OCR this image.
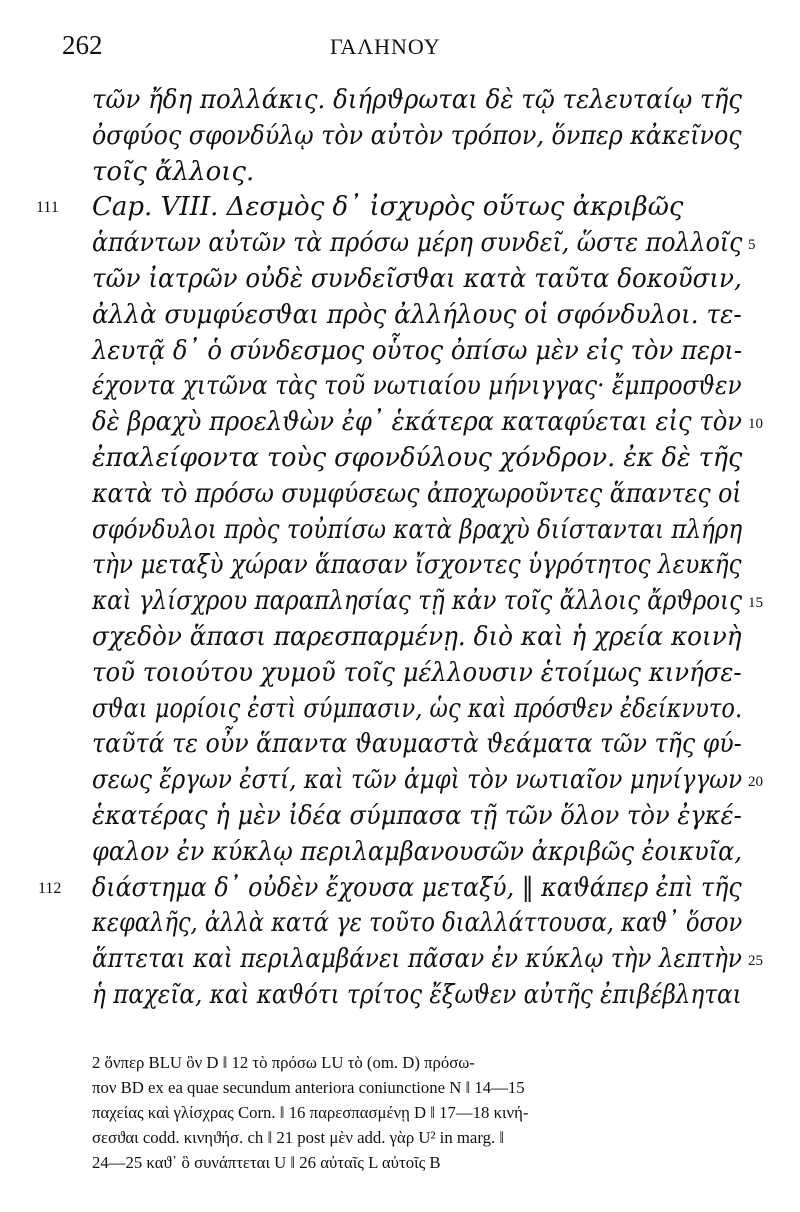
262	ΓΑΛΗΝΟΥ
τῶν ἤδη πολλάκις. διήρϑρωται δὲ τῷ τελευταίῳ τῆς
ὀσφύος σφονδύλῳ τὸν αὐτὸν τρόπον, ὅνπερ κἀκεῖνος
τοῖς ἄλλοις.
Cap. VIII. Δεσμὸς δ᾽ ἰσχυρὸς οὕτως ἀκριβῶς
111
ἁπάντων αὐτῶν τὰ πρόσω μέρη συνδεῖ, ὥστε πολλοῖς 5
τῶν ἰατρῶν οὐδὲ συνδεῖσϑαι κατὰ ταῦτα δοκοῦσιν,
ἀλλὰ συμφύεσϑαι πρὸς ἀλλήλους οἱ σφόνδυλοι. τε-
λευτᾷ δ᾽ ὁ σύνδεσμος οὗτος ὀπίσω μὲν εἰς τὸν περι-
έχοντα χιτῶνα τὰς τοῦ νωτιαίου μήνιγγας· ἔμπροσϑεν
δὲ βραχὺ προελϑὼν ἐφ᾽ ἑκάτερα καταφύεται εἰς τὸν 10
ἐπαλείφοντα τοὺς σφονδύλους χόνδρον. ἐκ δὲ τῆς
κατὰ τὸ πρόσω συμφύσεως ἀποχωροῦντες ἅπαντες οἱ
σφόνδυλοι πρὸς τοὐπίσω κατὰ βραχὺ διίστανται πλήρη
τὴν μεταξὺ χώραν ἅπασαν ἴσχοντες ὑγρότητος λευκῆς
καὶ γλίσχρου παραπλησίας τῇ κἀν τοῖς ἄλλοις ἄρϑροις 15
σχεδὸν ἅπασι παρεσπαρμένῃ. διὸ καὶ ἡ χρεία κοινὴ
τοῦ τοιούτου χυμοῦ τοῖς μέλλουσιν ἑτοίμως κινήσε-
σϑαι μορίοις ἐστὶ σύμπασιν, ὡς καὶ πρόσϑεν ἐδείκνυτο.
ταῦτά τε οὖν ἅπαντα ϑαυμαστὰ ϑεάματα τῶν τῆς φύ-
σεως ἔργων ἐστί, καὶ τῶν ἀμφὶ τὸν νωτιαῖον μηνίγγων 20
ἑκατέρας ἡ μὲν ἰδέα σύμπασα τῇ τῶν ὅλον τὸν ἐγκέ-
φαλον ἐν κύκλῳ περιλαμβανουσῶν ἀκριβῶς ἐοικυῖα,
διάστημα δ᾽ οὐδὲν ἔχουσα μεταξύ, ‖ καϑάπερ ἐπὶ τῆς
112
κεφαλῆς, ἀλλὰ κατά γε τοῦτο διαλλάττουσα, καϑ᾽ ὅσον
ἅπτεται καὶ περιλαμβάνει πᾶσαν ἐν κύκλῳ τὴν λεπτὴν 25
ἡ παχεῖα, καὶ καϑότι τρίτος ἔξωϑεν αὐτῆς ἐπιβέβληται
2 ὅνπερ BLU ὃν D ‖ 12 τὸ πρόσω LU τὸ (om. D) πρόσω-
πον BD ex ea quae secundum anteriora coniunctione N ‖ 14—15
παχείας καὶ γλίσχρας Corn. ‖ 16 παρεσπασμένῃ D ‖ 17—18 κινή-
σεσϑαι codd. κινηϑήσ. ch ‖ 21 post μὲν add. γὰρ U² in marg. ‖
24—25 καϑ᾽ ὃ συνάπτεται U ‖ 26 αὐταῖς L αὐτοῖς B
